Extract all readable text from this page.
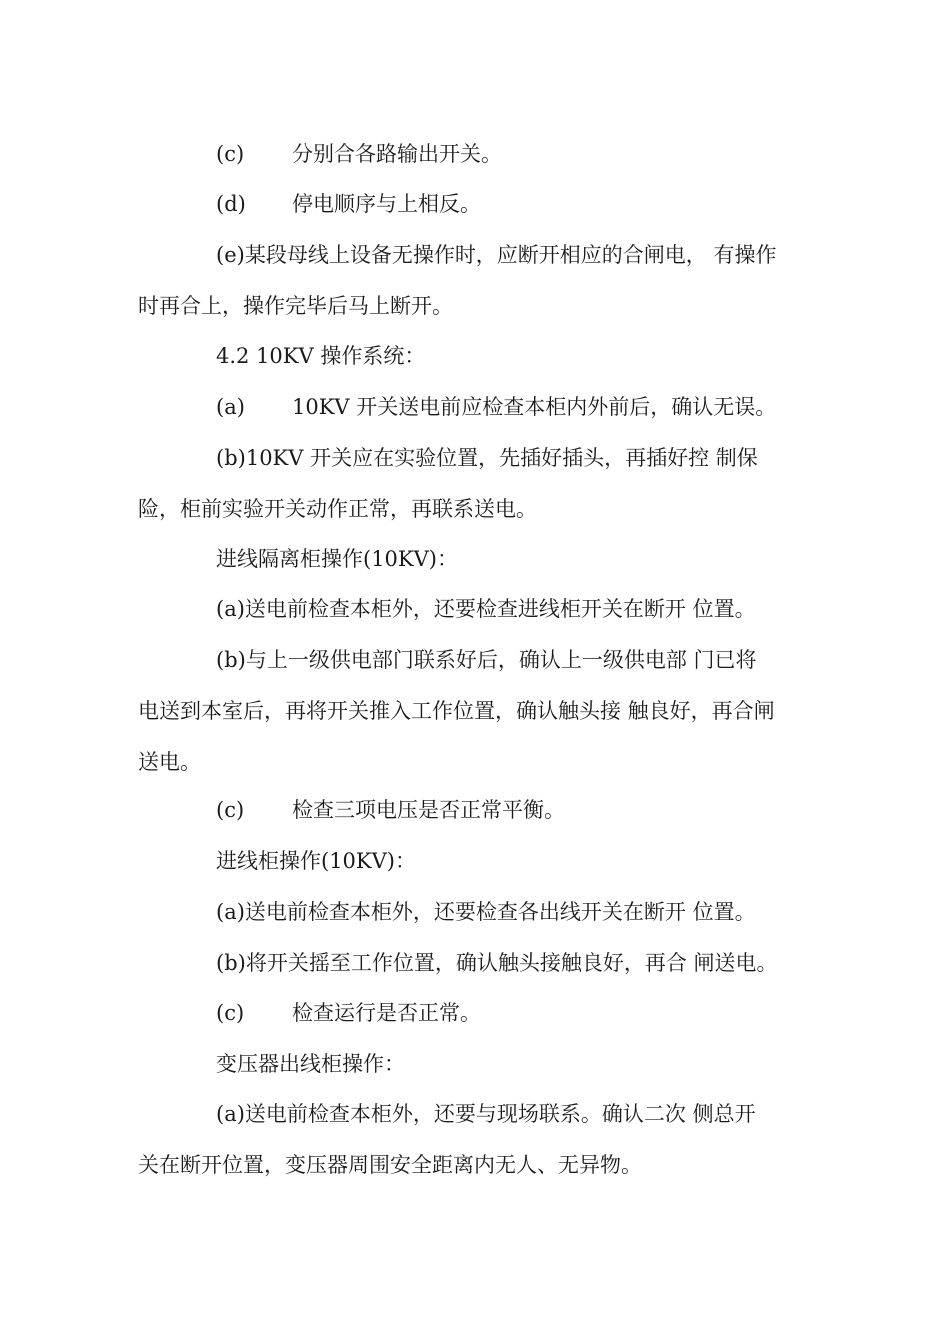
(c) 分别合各路输出开关。
(d) 停电顺序与上相反。
(e)某段母线上设备无操作时，应断开相应的合闸电， 有操作
时再合上，操作完毕后马上断开。
4.2 10KV 操作系统：
(a) 10KV 开关送电前应检查本柜内外前后，确认无误。
(b)10KV 开关应在实验位置，先插好插头，再插好控 制保
险，柜前实验开关动作正常，再联系送电。
进线隔离柜操作(10KV)：
(a)送电前检查本柜外，还要检查进线柜开关在断开 位置。
(b)与上一级供电部门联系好后，确认上一级供电部 门已将
电送到本室后，再将开关推入工作位置，确认触头接 触良好，再合闸
送电。
(c) 检查三项电压是否正常平衡。
进线柜操作(10KV)：
(a)送电前检查本柜外，还要检查各出线开关在断开 位置。
(b)将开关摇至工作位置，确认触头接触良好，再合 闸送电。
(c) 检查运行是否正常。
变压器出线柜操作：
(a)送电前检查本柜外，还要与现场联系。确认二次 侧总开
关在断开位置，变压器周围安全距离内无人、无异物。
